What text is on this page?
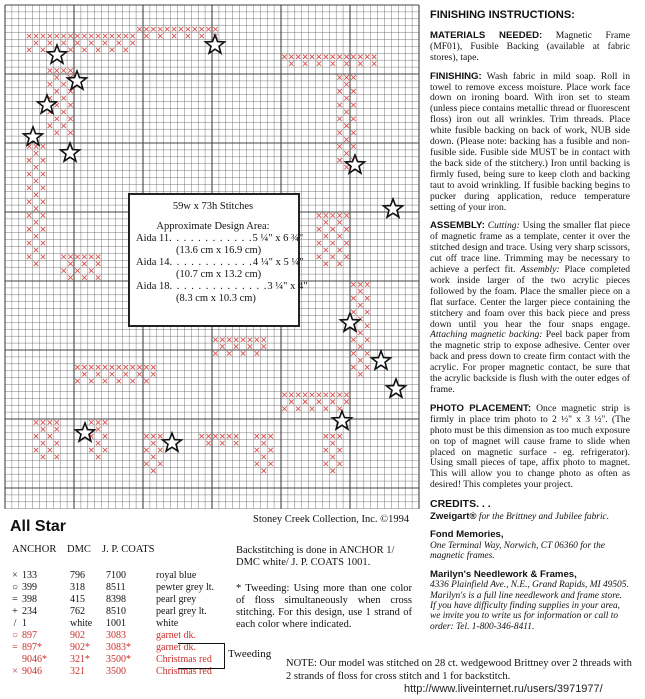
59w x 73h Stitches
Approximate Design Area:
Aida 11 . . . . . . . . . . . . 5 ¼" x 6 ¾"
(13.6 cm x 16.9 cm)
Aida 14 . . . . . . . . . . . . 4 ¼" x 5 ¼"
(10.7 cm x 13.2 cm)
Aida 18 . . . . . . . . . . . . . . 3 ¼" x 4"
(8.3 cm x 10.3 cm)
Stoney Creek Collection, Inc. ©1994
All Star
ANCHOR	DMC	J. P. COATS
× 133	796	7100	royal blue
○ 399	318	8511	pewter grey lt.
= 398	415	8398	pearl grey
+ 234	762	8510	pearl grey lt.
/ 1	white	1001	white
○ 897	902	3083	garnet dk.
= 897*	902*	3083*	garnet dk.
9046*	321*	3500*	Christmas red
× 9046	321	3500	Christmas red
Tweeding
Backstitching is done in ANCHOR 1/ DMC white/ J. P. COATS 1001.
* Tweeding: Using more than one color of floss simultaneously when cross stitching. For this design, use 1 strand of each color where indicated.
NOTE: Our model was stitched on 28 ct. wedgewood Brittney over 2 threads with 2 strands of floss for cross stitch and 1 for backstitch.
http://www.liveinternet.ru/users/3971977/
FINISHING INSTRUCTIONS:

MATERIALS NEEDED: Magnetic Frame (MF01), Fusible Backing (available at fabric stores), tape.

FINISHING: Wash fabric in mild soap. Roll in towel to remove excess moisture. Place work face down on ironing board. With iron set to steam (unless piece contains metallic thread or fluorescent floss) iron out all wrinkles. Trim threads. Place white fusible backing on back of work, NUB side down. (Please note: backing has a fusible and non-fusible side. Fusible side MUST be in contact with the back side of the stitchery.) Iron until backing is firmly fused, being sure to keep cloth and backing taut to avoid wrinkling. If fusible backing begins to pucker during application, reduce temperature setting of your iron.

ASSEMBLY: Cutting: Using the smaller flat piece of magnetic frame as a template, center it over the stitched design and trace. Using very sharp scissors, cut off trace line. Trimming may be necessary to achieve a perfect fit. Assembly: Place completed work inside larger of the two acrylic pieces followed by the foam. Place the smaller piece on a flat surface. Center the larger piece containing the stitchery and foam over this back piece and press down until you hear the four snaps engage. Attaching magnetic backing: Peel back paper from the magnetic strip to expose adhesive. Center over back and press down to create firm contact with the acrylic. For proper magnetic contact, be sure that the acrylic backside is flush with the outer edges of frame.

PHOTO PLACEMENT: Once magnetic strip is firmly in place trim photo to 2 ½" x 3 ½". (The photo must be this dimension as too much exposure on top of magnet will cause frame to slide when placed on magnetic surface - eg. refrigerator). Using small pieces of tape, affix photo to magnet. This will allow you to change photo as often as desired! This completes your project.

CREDITS. . .
Zweigart® for the Brittney and Jubilee fabric.
Fond Memories,
One Terminal Way, Norwich, CT 06360 for the magnetic frames.
Marilyn's Needlework & Frames,
4336 Plainfield Ave., N.E., Grand Rapids, MI 49505. Marilyn's is a full line needlework and frame store. If you have difficulty finding supplies in your area, we invite you to write us for information or call to order: Tel. 1-800-346-8411.
